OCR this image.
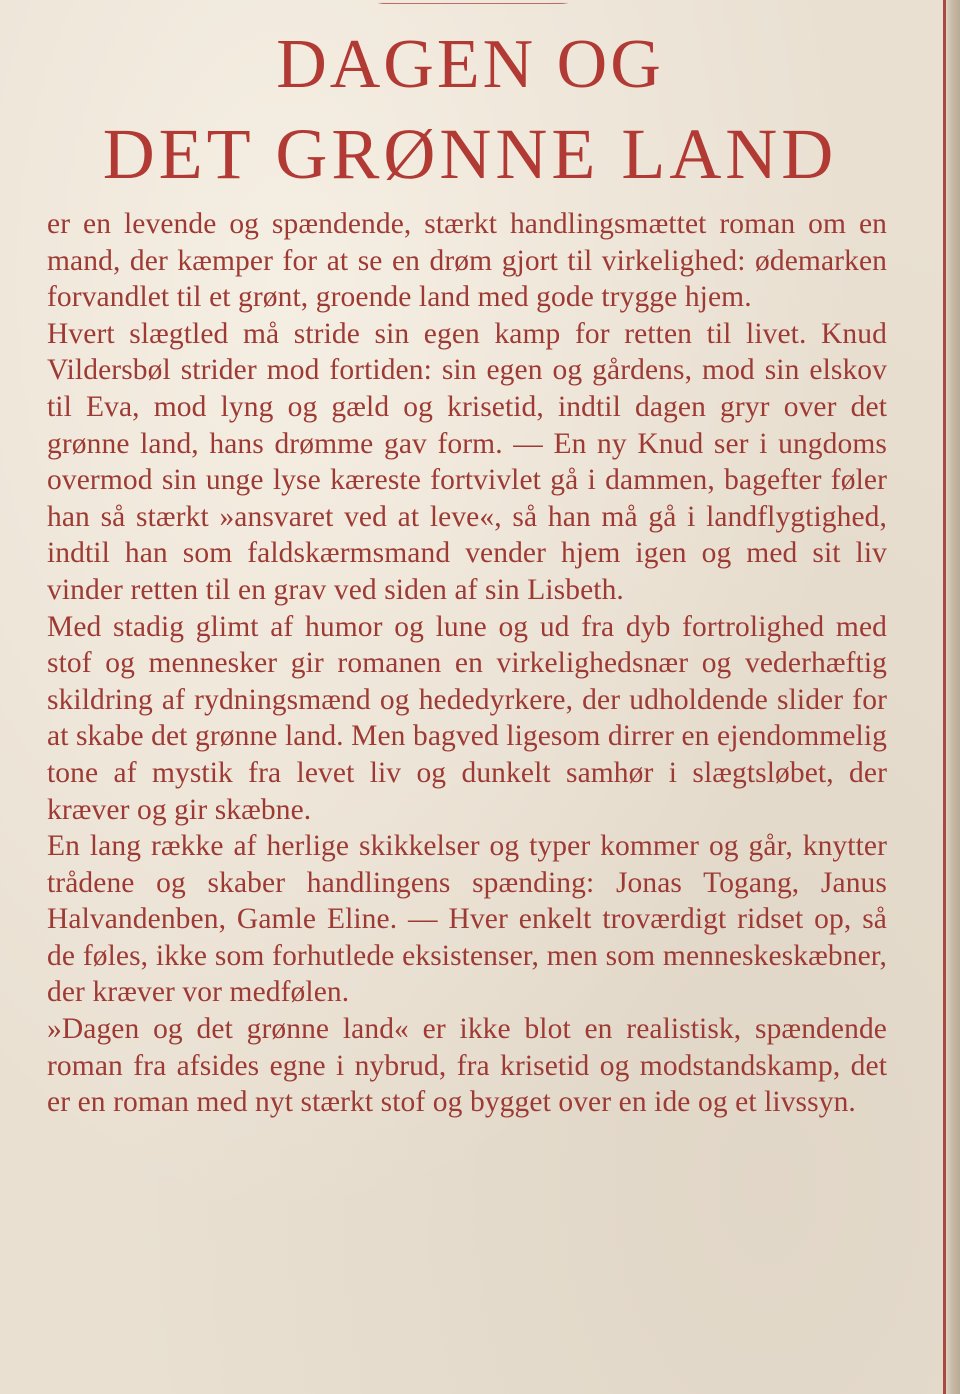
DAGEN OG
DET GRØNNE LAND

er en levende og spændende, stærkt handlingsmættet roman om en mand, der kæmper for at se en drøm gjort til virkelighed: ødemarken forvandlet til et grønt, groende land med gode trygge hjem.

Hvert slægtled må stride sin egen kamp for retten til livet. Knud Vildersbøl strider mod fortiden: sin egen og gårdens, mod sin elskov til Eva, mod lyng og gæld og krisetid, indtil dagen gryr over det grønne land, hans drømme gav form. — En ny Knud ser i ungdoms overmod sin unge lyse kæreste fortvivlet gå i dammen, bagefter føler han så stærkt »ansvaret ved at leve«, så han må gå i landflygtighed, indtil han som faldskærmsmand vender hjem igen og med sit liv vinder retten til en grav ved siden af sin Lisbeth.

Med stadig glimt af humor og lune og ud fra dyb fortrolighed med stof og mennesker gir romanen en virkelighedsnær og vederhæftig skildring af rydningsmænd og hededyrkere, der udholdende slider for at skabe det grønne land. Men bagved ligesom dirrer en ejendommelig tone af mystik fra levet liv og dunkelt samhør i slægtsløbet, der kræver og gir skæbne.

En lang række af herlige skikkelser og typer kommer og går, knytter trådene og skaber handlingens spænding: Jonas Togang, Janus Halvandenben, Gamle Eline. — Hver enkelt troværdigt ridset op, så de føles, ikke som forhutlede eksistenser, men som menneskeskæbner, der kræver vor medfølen.

»Dagen og det grønne land« er ikke blot en realistisk, spændende roman fra afsides egne i nybrud, fra krisetid og modstandskamp, det er en roman med nyt stærkt stof og bygget over en ide og et livssyn.
